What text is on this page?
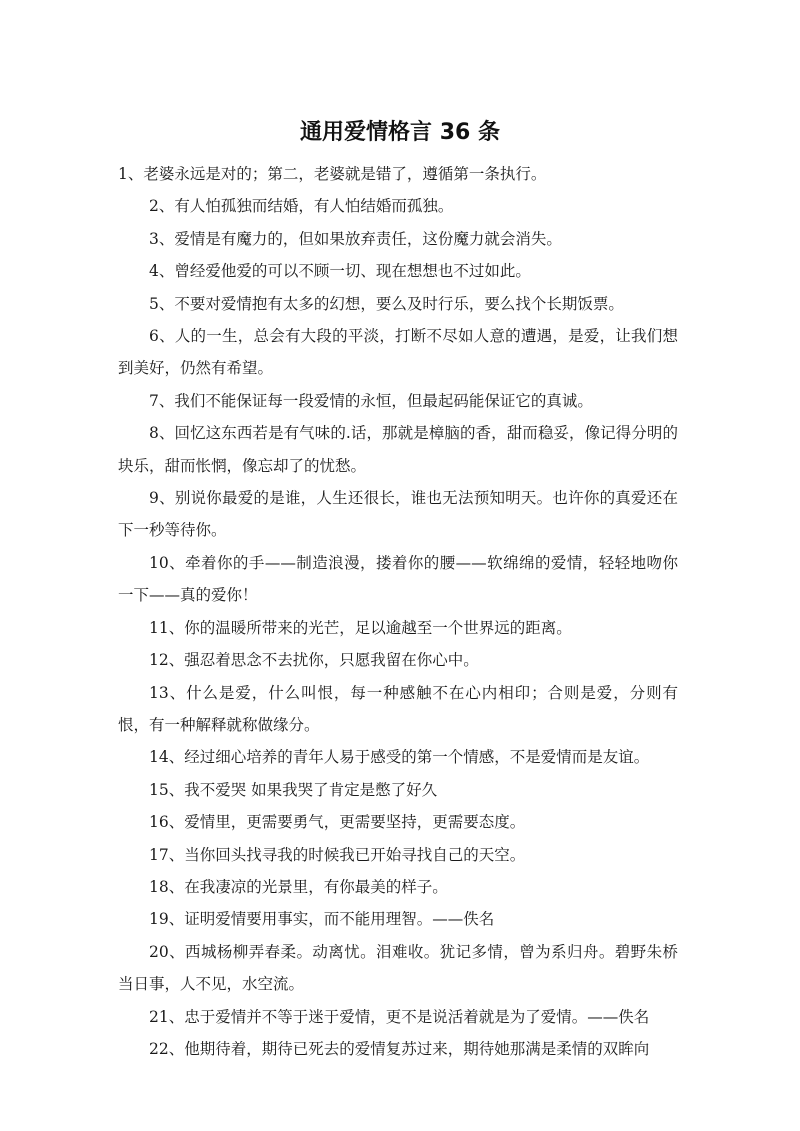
通用爱情格言 36 条

1、老婆永远是对的；第二，老婆就是错了，遵循第一条执行。

2、有人怕孤独而结婚，有人怕结婚而孤独。

3、爱情是有魔力的，但如果放弃责任，这份魔力就会消失。

4、曾经爱他爱的可以不顾一切、现在想想也不过如此。

5、不要对爱情抱有太多的幻想，要么及时行乐，要么找个长期饭票。

6、人的一生，总会有大段的平淡，打断不尽如人意的遭遇，是爱，让我们想到美好，仍然有希望。

7、我们不能保证每一段爱情的永恒，但最起码能保证它的真诚。

8、回忆这东西若是有气味的.话，那就是樟脑的香，甜而稳妥，像记得分明的块乐，甜而怅惘，像忘却了的忧愁。

9、别说你最爱的是谁，人生还很长，谁也无法预知明天。也许你的真爱还在下一秒等待你。

10、牵着你的手——制造浪漫，搂着你的腰——软绵绵的爱情，轻轻地吻你一下——真的爱你！

11、你的温暖所带来的光芒，足以逾越至一个世界远的距离。

12、强忍着思念不去扰你，只愿我留在你心中。

13、什么是爱，什么叫恨，每一种感触不在心内相印；合则是爱，分则有恨，有一种解释就称做缘分。

14、经过细心培养的青年人易于感受的第一个情感，不是爱情而是友谊。

15、我不爱哭 如果我哭了肯定是憋了好久

16、爱情里，更需要勇气，更需要坚持，更需要态度。

17、当你回头找寻我的时候我已开始寻找自己的天空。

18、在我凄凉的光景里，有你最美的样子。

19、证明爱情要用事实，而不能用理智。——佚名

20、西城杨柳弄春柔。动离忧。泪难收。犹记多情，曾为系归舟。碧野朱桥当日事，人不见，水空流。

21、忠于爱情并不等于迷于爱情，更不是说活着就是为了爱情。——佚名

22、他期待着，期待已死去的爱情复苏过来，期待她那满是柔情的双眸向
